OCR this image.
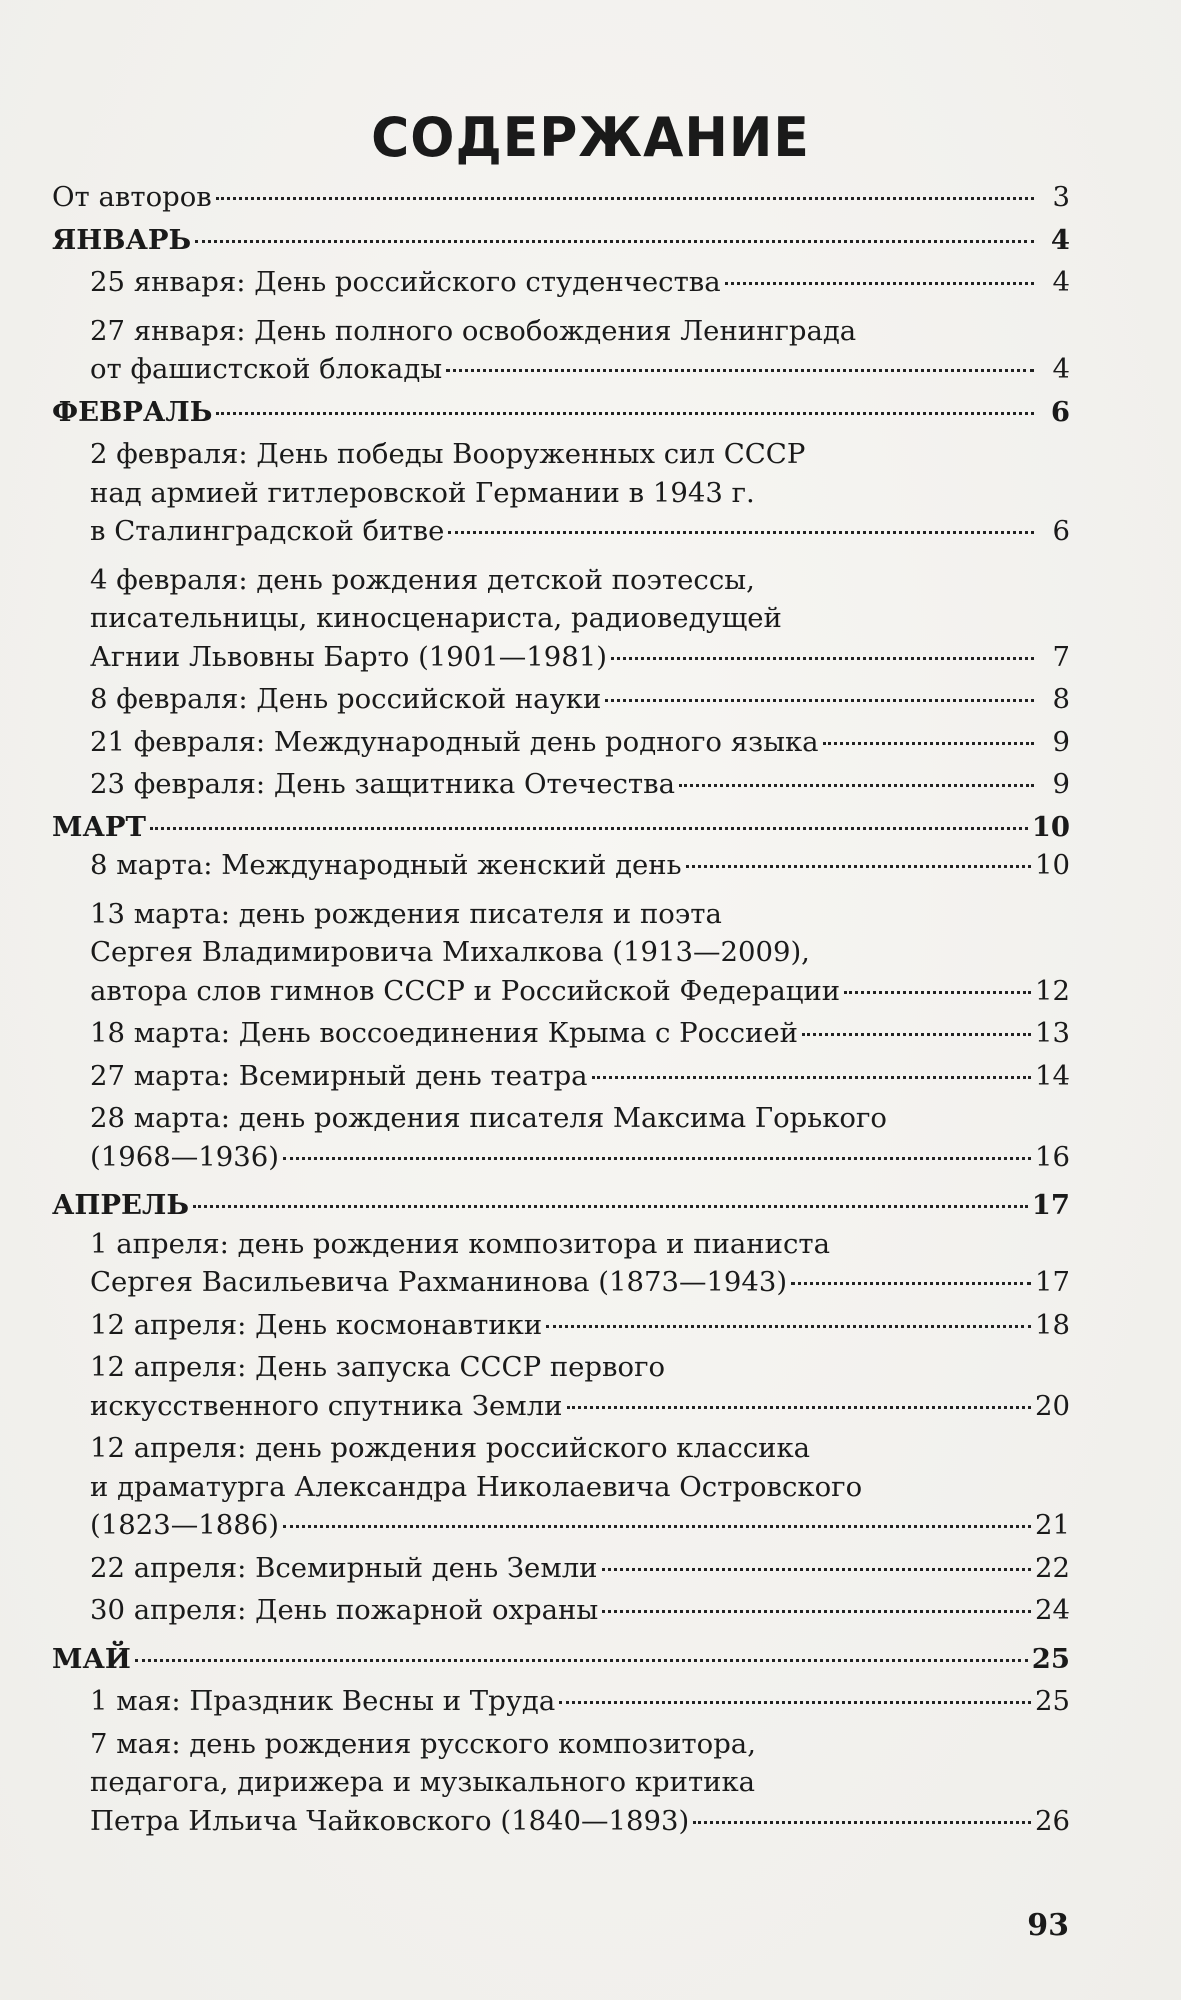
СОДЕРЖАНИЕ
От авторов	3
ЯНВАРЬ	4
25 января: День российского студенчества	4
27 января: День полного освобождения Ленинграда
от фашистской блокады	4
ФЕВРАЛЬ	6
2 февраля: День победы Вооруженных сил СССР
над армией гитлеровской Германии в 1943 г.
в Сталинградской битве	6
4 февраля: день рождения детской поэтессы,
писательницы, киносценариста, радиоведущей
Агнии Львовны Барто (1901—1981)	7
8 февраля: День российской науки	8
21 февраля: Международный день родного языка	9
23 февраля: День защитника Отечества	9
МАРТ	10
8 марта: Международный женский день	10
13 марта: день рождения писателя и поэта
Сергея Владимировича Михалкова (1913—2009),
автора слов гимнов СССР и Российской Федерации	12
18 марта: День воссоединения Крыма с Россией	13
27 марта: Всемирный день театра	14
28 марта: день рождения писателя Максима Горького
(1968—1936)	16
АПРЕЛЬ	17
1 апреля: день рождения композитора и пианиста
Сергея Васильевича Рахманинова (1873—1943)	17
12 апреля: День космонавтики	18
12 апреля: День запуска СССР первого
искусственного спутника Земли	20
12 апреля: день рождения российского классика
и драматурга Александра Николаевича Островского
(1823—1886)	21
22 апреля: Всемирный день Земли	22
30 апреля: День пожарной охраны	24
МАЙ	25
1 мая: Праздник Весны и Труда	25
7 мая: день рождения русского композитора,
педагога, дирижера и музыкального критика
Петра Ильича Чайковского (1840—1893)	26
93
